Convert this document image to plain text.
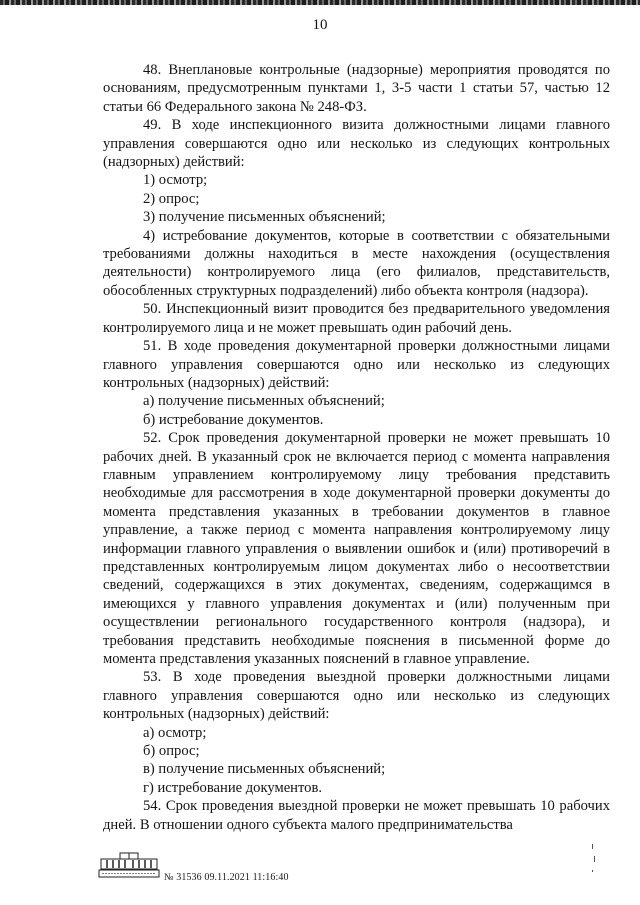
10

48. Внеплановые контрольные (надзорные) мероприятия проводятся по основаниям, предусмотренным пунктами 1, 3-5 части 1 статьи 57, частью 12 статьи 66 Федерального закона № 248-ФЗ.

49. В ходе инспекционного визита должностными лицами главного управления совершаются одно или несколько из следующих контрольных (надзорных) действий:

1) осмотр;

2) опрос;

3) получение письменных объяснений;

4) истребование документов, которые в соответствии с обязательными требованиями должны находиться в месте нахождения (осуществления деятельности) контролируемого лица (его филиалов, представительств, обособленных структурных подразделений) либо объекта контроля (надзора).

50. Инспекционный визит проводится без предварительного уведомления контролируемого лица и не может превышать один рабочий день.

51. В ходе проведения документарной проверки должностными лицами главного управления совершаются одно или несколько из следующих контрольных (надзорных) действий:

а) получение письменных объяснений;

б) истребование документов.

52. Срок проведения документарной проверки не может превышать 10 рабочих дней. В указанный срок не включается период с момента направления главным управлением контролируемому лицу требования представить необходимые для рассмотрения в ходе документарной проверки документы до момента представления указанных в требовании документов в главное управление, а также период с момента направления контролируемому лицу информации главного управления о выявлении ошибок и (или) противоречий в представленных контролируемым лицом документах либо о несоответствии сведений, содержащихся в этих документах, сведениям, содержащимся в имеющихся у главного управления документах и (или) полученным при осуществлении регионального государственного контроля (надзора), и требования представить необходимые пояснения в письменной форме до момента представления указанных пояснений в главное управление.

53. В ходе проведения выездной проверки должностными лицами главного управления совершаются одно или несколько из следующих контрольных (надзорных) действий:

а) осмотр;

б) опрос;

в) получение письменных объяснений;

г) истребование документов.

54. Срок проведения выездной проверки не может превышать 10 рабочих дней. В отношении одного субъекта малого предпринимательства

№ 31536 09.11.2021 11:16:40
